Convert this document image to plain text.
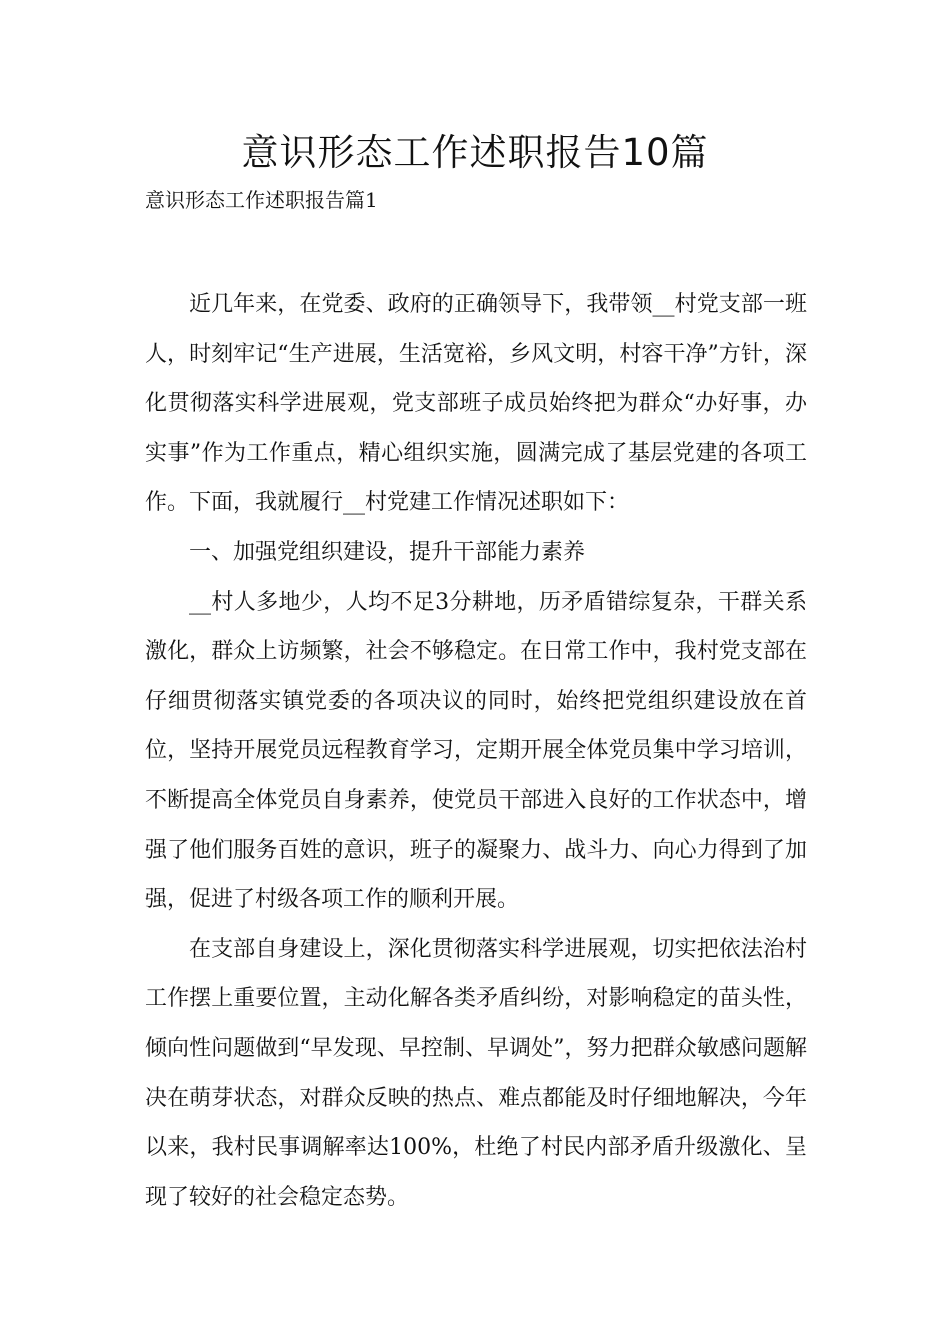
意识形态工作述职报告10篇
意识形态工作述职报告篇1

近几年来，在党委、政府的正确领导下，我带领__村党支部一班人，时刻牢记“生产进展，生活宽裕，乡风文明，村容干净”方针，深化贯彻落实科学进展观，党支部班子成员始终把为群众“办好事，办实事”作为工作重点，精心组织实施，圆满完成了基层党建的各项工作。下面，我就履行__村党建工作情况述职如下：

一、加强党组织建设，提升干部能力素养

__村人多地少，人均不足3分耕地，历矛盾错综复杂，干群关系激化，群众上访频繁，社会不够稳定。在日常工作中，我村党支部在仔细贯彻落实镇党委的各项决议的同时，始终把党组织建设放在首位，坚持开展党员远程教育学习，定期开展全体党员集中学习培训，不断提高全体党员自身素养，使党员干部进入良好的工作状态中，增强了他们服务百姓的意识，班子的凝聚力、战斗力、向心力得到了加强，促进了村级各项工作的顺利开展。

在支部自身建设上，深化贯彻落实科学进展观，切实把依法治村工作摆上重要位置，主动化解各类矛盾纠纷，对影响稳定的苗头性，倾向性问题做到“早发现、早控制、早调处”，努力把群众敏感问题解决在萌芽状态，对群众反映的热点、难点都能及时仔细地解决，今年以来，我村民事调解率达100%，杜绝了村民内部矛盾升级激化、呈现了较好的社会稳定态势。
